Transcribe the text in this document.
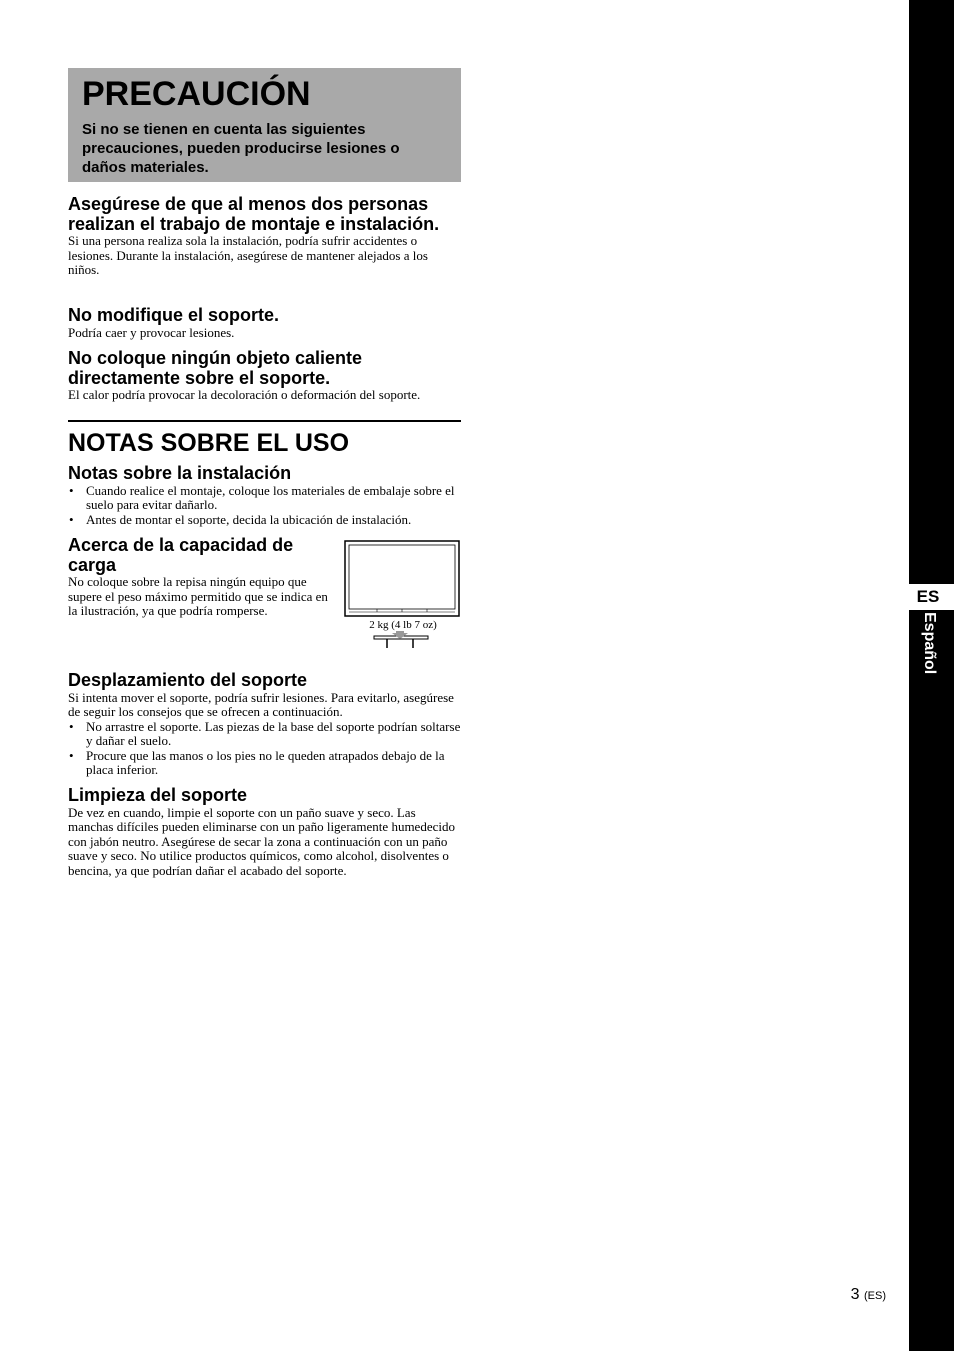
PRECAUCIÓN

Si no se tienen en cuenta las siguientes precauciones, pueden producirse lesiones o daños materiales.

Asegúrese de que al menos dos personas realizan el trabajo de montaje e instalación.

Si una persona realiza sola la instalación, podría sufrir accidentes o lesiones. Durante la instalación, asegúrese de mantener alejados a los niños.

No modifique el soporte.

Podría caer y provocar lesiones.

No coloque ningún objeto caliente directamente sobre el soporte.

El calor podría provocar la decoloración o deformación del soporte.

NOTAS SOBRE EL USO
Notas sobre la instalación
• Cuando realice el montaje, coloque los materiales de embalaje sobre el suelo para evitar dañarlo.
• Antes de montar el soporte, decida la ubicación de instalación.
Acerca de la capacidad de carga

No coloque sobre la repisa ningún equipo que supere el peso máximo permitido que se indica en la ilustración, ya que podría romperse.

2 kg (4 lb 7 oz)
Desplazamiento del soporte

Si intenta mover el soporte, podría sufrir lesiones. Para evitarlo, asegúrese de seguir los consejos que se ofrecen a continuación.

• No arrastre el soporte. Las piezas de la base del soporte podrían soltarse y dañar el suelo.
• Procure que las manos o los pies no le queden atrapados debajo de la placa inferior.
Limpieza del soporte

De vez en cuando, limpie el soporte con un paño suave y seco. Las manchas difíciles pueden eliminarse con un paño ligeramente humedecido con jabón neutro. Asegúrese de secar la zona a continuación con un paño suave y seco. No utilice productos químicos, como alcohol, disolventes o bencina, ya que podrían dañar el acabado del soporte.

ES
Español
3 (ES)
